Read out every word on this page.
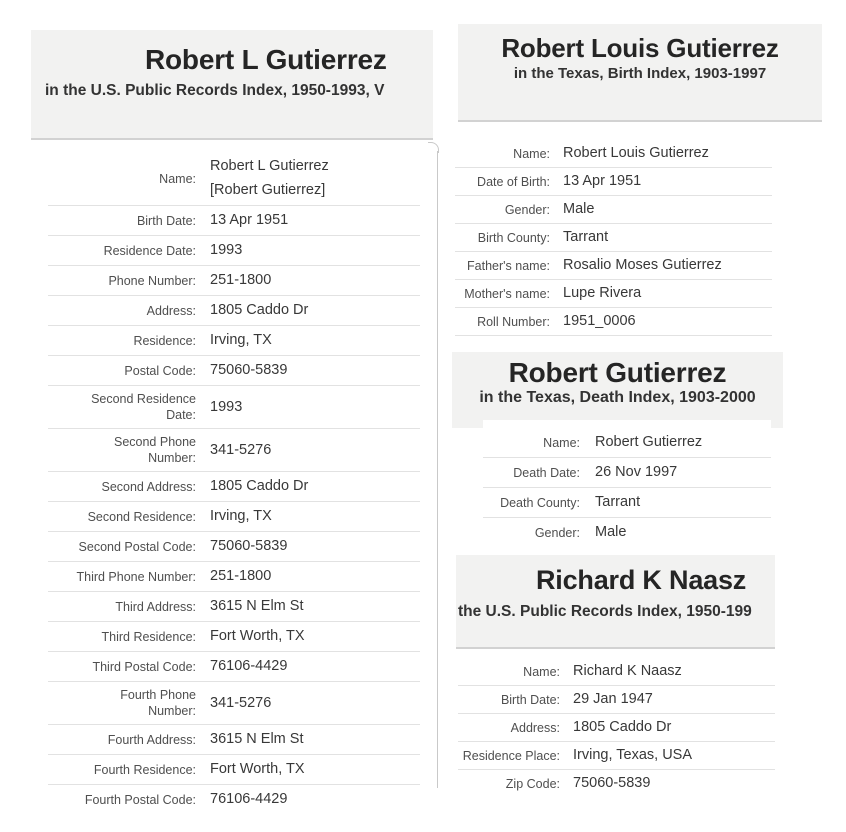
Robert L Gutierrez
in the U.S. Public Records Index, 1950-1993, V
Name:
Robert L Gutierrez
[Robert Gutierrez]
Birth Date: 13 Apr 1951
Residence Date: 1993
Phone Number: 251-1800
Address: 1805 Caddo Dr
Residence: Irving, TX
Postal Code: 75060-5839
Second Residence Date:
1993
Second Phone Number:
341-5276
Second Address: 1805 Caddo Dr
Second Residence: Irving, TX
Second Postal Code: 75060-5839
Third Phone Number: 251-1800
Third Address: 3615 N Elm St
Third Residence: Fort Worth, TX
Third Postal Code: 76106-4429
Fourth Phone Number:
341-5276
Fourth Address: 3615 N Elm St
Fourth Residence: Fort Worth, TX
Fourth Postal Code: 76106-4429
Robert Louis Gutierrez
in the Texas, Birth Index, 1903-1997
Name: Robert Louis Gutierrez
Date of Birth: 13 Apr 1951
Gender: Male
Birth County: Tarrant
Father's name: Rosalio Moses Gutierrez
Mother's name: Lupe Rivera
Roll Number: 1951_0006
Robert Gutierrez
in the Texas, Death Index, 1903-2000
Name: Robert Gutierrez
Death Date: 26 Nov 1997
Death County: Tarrant
Gender: Male
Richard K Naasz
the U.S. Public Records Index, 1950-199
Name: Richard K Naasz
Birth Date: 29 Jan 1947
Address: 1805 Caddo Dr
Residence Place: Irving, Texas, USA
Zip Code: 75060-5839
